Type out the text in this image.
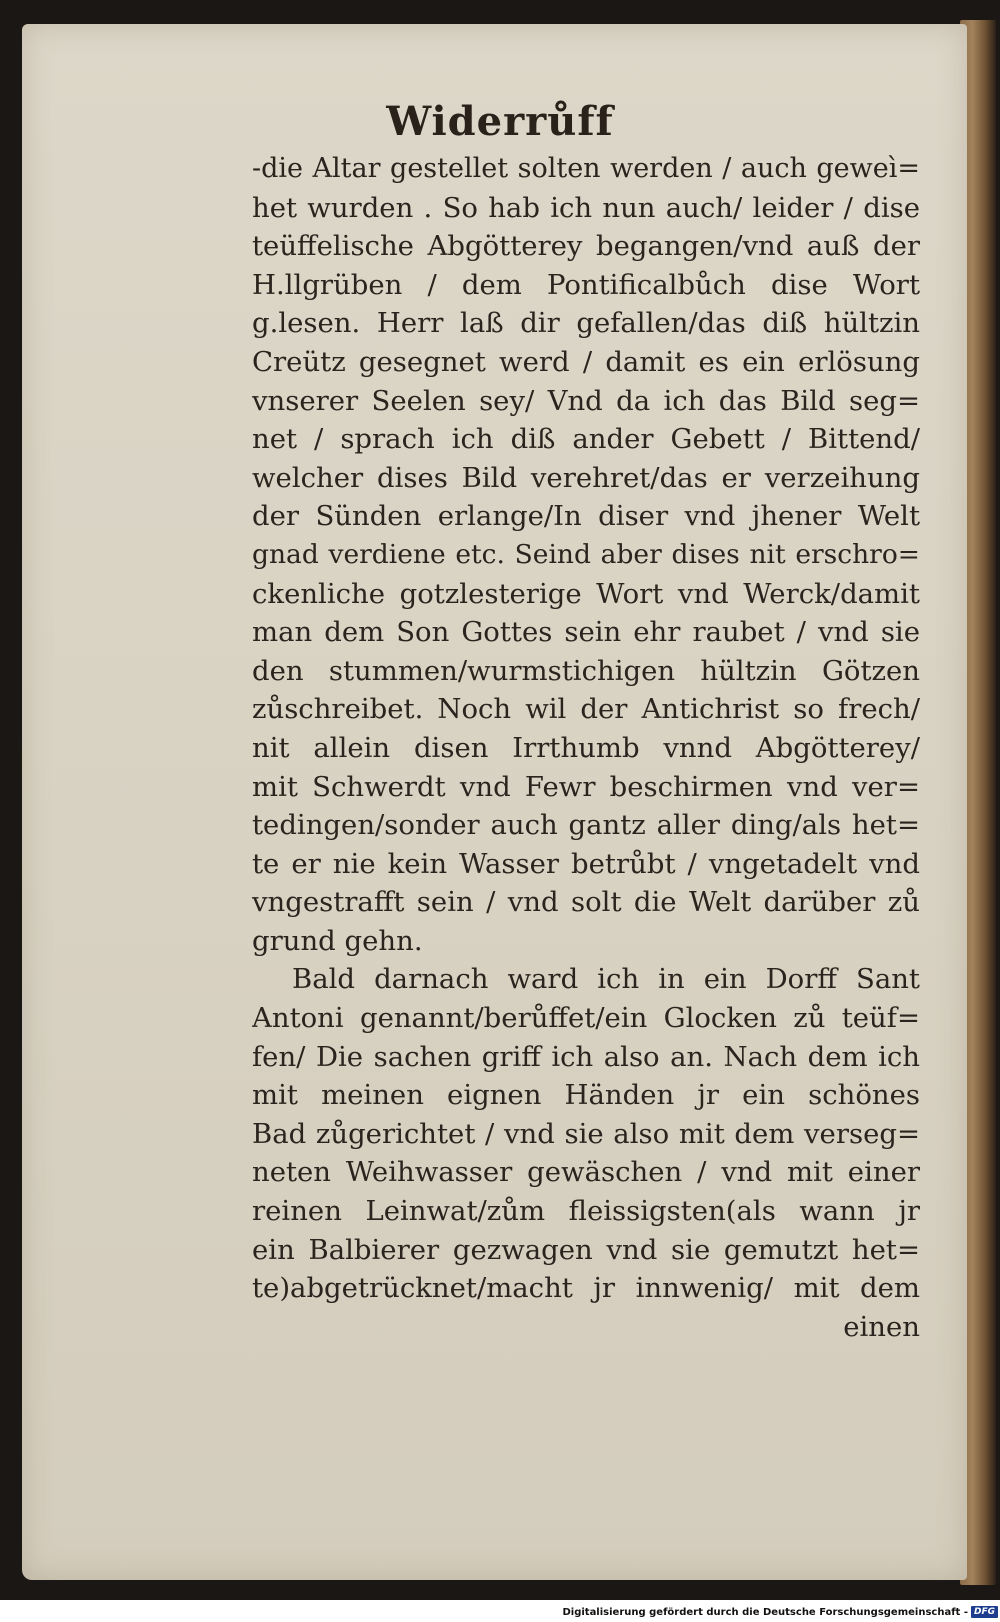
Widerrůff
-die Altar gestellet solten werden / auch geweì=
het wurden . So hab ich nun auch/ leider / dise
teüffelische Abgötterey begangen/vnd auß der
H.llgrüben / dem Pontificalbůch dise Wort
g.lesen. Herr laß dir gefallen/das diß hültzin
Creütz gesegnet werd / damit es ein erlösung
vnserer Seelen sey/ Vnd da ich das Bild seg=
net / sprach ich diß ander Gebett / Bittend/
welcher dises Bild verehret/das er verzeihung
der Sünden erlange/In diser vnd jhener Welt
gnad verdiene etc. Seind aber dises nit erschro=
ckenliche gotzlesterige Wort vnd Werck/damit
man dem Son Gottes sein ehr raubet / vnd sie
den stummen/wurmstichigen hültzin Götzen
zůschreibet. Noch wil der Antichrist so frech/
nit allein disen Irrthumb vnnd Abgötterey/
mit Schwerdt vnd Fewr beschirmen vnd ver=
tedingen/sonder auch gantz aller ding/als het=
te er nie kein Wasser betrůbt / vngetadelt vnd
vngestrafft sein / vnd solt die Welt darüber zů
grund gehn.
Bald darnach ward ich in ein Dorff Sant
Antoni genannt/berůffet/ein Glocken zů teüf=
fen/ Die sachen griff ich also an. Nach dem ich
mit meinen eignen Händen jr ein schönes
Bad zůgerichtet / vnd sie also mit dem verseg=
neten Weihwasser gewäschen / vnd mit einer
reinen Leinwat/zům fleissigsten(als wann jr
ein Balbierer gezwagen vnd sie gemutzt het=
te)abgetrücknet/macht jr innwenig/ mit dem
einen
Digitalisierung gefördert durch die Deutsche Forschungsgemeinschaft - DFG
